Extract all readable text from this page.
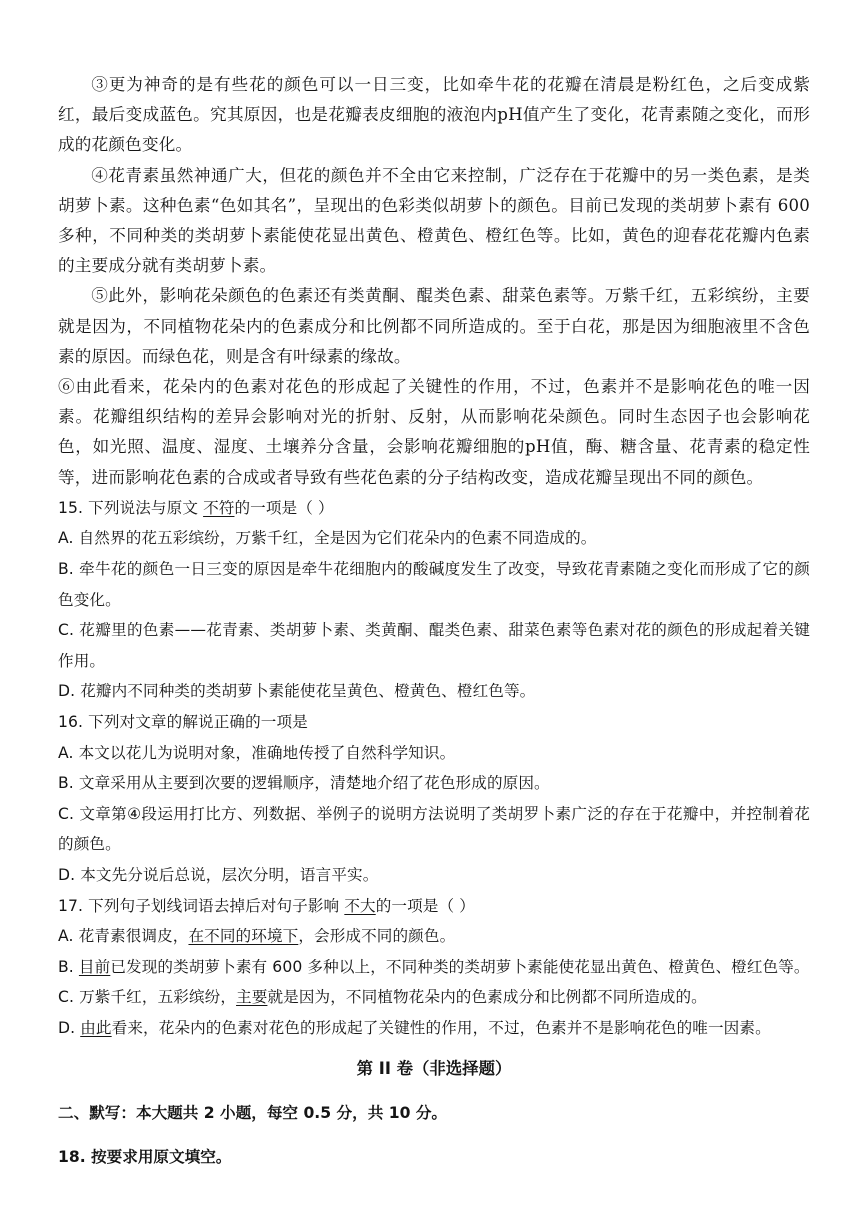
③更为神奇的是有些花的颜色可以一日三变，比如牵牛花的花瓣在清晨是粉红色，之后变成紫红，最后变成蓝色。究其原因，也是花瓣表皮细胞的液泡内pH值产生了变化，花青素随之变化，而形成的花颜色变化。

④花青素虽然神通广大，但花的颜色并不全由它来控制，广泛存在于花瓣中的另一类色素，是类胡萝卜素。这种色素“色如其名”，呈现出的色彩类似胡萝卜的颜色。目前已发现的类胡萝卜素有 600 多种，不同种类的类胡萝卜素能使花显出黄色、橙黄色、橙红色等。比如，黄色的迎春花花瓣内色素的主要成分就有类胡萝卜素。

⑤此外，影响花朵颜色的色素还有类黄酮、醌类色素、甜菜色素等。万紫千红，五彩缤纷，主要就是因为，不同植物花朵内的色素成分和比例都不同所造成的。至于白花，那是因为细胞液里不含色素的原因。而绿色花，则是含有叶绿素的缘故。

⑥由此看来，花朵内的色素对花色的形成起了关键性的作用，不过，色素并不是影响花色的唯一因素。花瓣组织结构的差异会影响对光的折射、反射，从而影响花朵颜色。同时生态因子也会影响花色，如光照、温度、湿度、土壤养分含量，会影响花瓣细胞的pH值，酶、糖含量、花青素的稳定性等，进而影响花色素的合成或者导致有些花色素的分子结构改变，造成花瓣呈现出不同的颜色。

15. 下列说法与原文 不符的一项是（ ）

A. 自然界的花五彩缤纷，万紫千红，全是因为它们花朵内的色素不同造成的。

B. 牵牛花的颜色一日三变的原因是牵牛花细胞内的酸碱度发生了改变，导致花青素随之变化而形成了它的颜色变化。

C. 花瓣里的色素——花青素、类胡萝卜素、类黄酮、醌类色素、甜菜色素等色素对花的颜色的形成起着关键作用。

D. 花瓣内不同种类的类胡萝卜素能使花呈黄色、橙黄色、橙红色等。

16. 下列对文章的解说正确的一项是

A. 本文以花儿为说明对象，准确地传授了自然科学知识。

B. 文章采用从主要到次要的逻辑顺序，清楚地介绍了花色形成的原因。

C. 文章第④段运用打比方、列数据、举例子的说明方法说明了类胡罗卜素广泛的存在于花瓣中，并控制着花的颜色。

D. 本文先分说后总说，层次分明，语言平实。

17. 下列句子划线词语去掉后对句子影响 不大的一项是（ ）

A. 花青素很调皮，在不同的环境下，会形成不同的颜色。

B. 目前已发现的类胡萝卜素有 600 多种以上，不同种类的类胡萝卜素能使花显出黄色、橙黄色、橙红色等。

C. 万紫千红，五彩缤纷，主要就是因为，不同植物花朵内的色素成分和比例都不同所造成的。

D. 由此看来，花朵内的色素对花色的形成起了关键性的作用，不过，色素并不是影响花色的唯一因素。

第 II 卷（非选择题）
二、默写：本大题共 2 小题，每空 0.5 分，共 10 分。
18. 按要求用原文填空。
